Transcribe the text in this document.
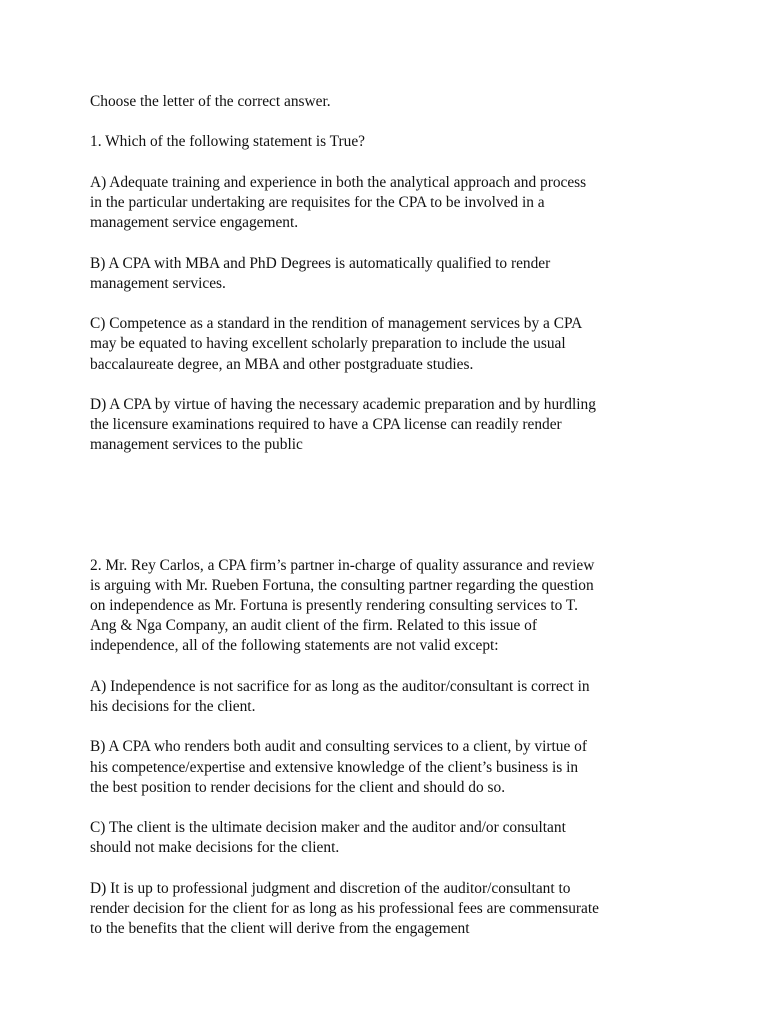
Choose the letter of the correct answer.

1. Which of the following statement is True?

A) Adequate training and experience in both the analytical approach and process
in the particular undertaking are requisites for the CPA to be involved in a
management service engagement.

B) A CPA with MBA and PhD Degrees is automatically qualified to render
management services.

C) Competence as a standard in the rendition of management services by a CPA
may be equated to having excellent scholarly preparation to include the usual
baccalaureate degree, an MBA and other postgraduate studies.

D) A CPA by virtue of having the necessary academic preparation and by hurdling
the licensure examinations required to have a CPA license can readily render
management services to the public

2. Mr. Rey Carlos, a CPA firm’s partner in-charge of quality assurance and review
is arguing with Mr. Rueben Fortuna, the consulting partner regarding the question
on independence as Mr. Fortuna is presently rendering consulting services to T.
Ang & Nga Company, an audit client of the firm. Related to this issue of
independence, all of the following statements are not valid except:

A) Independence is not sacrifice for as long as the auditor/consultant is correct in
his decisions for the client.

B) A CPA who renders both audit and consulting services to a client, by virtue of
his competence/expertise and extensive knowledge of the client’s business is in
the best position to render decisions for the client and should do so.

C) The client is the ultimate decision maker and the auditor and/or consultant
should not make decisions for the client.

D) It is up to professional judgment and discretion of the auditor/consultant to
render decision for the client for as long as his professional fees are commensurate
to the benefits that the client will derive from the engagement
